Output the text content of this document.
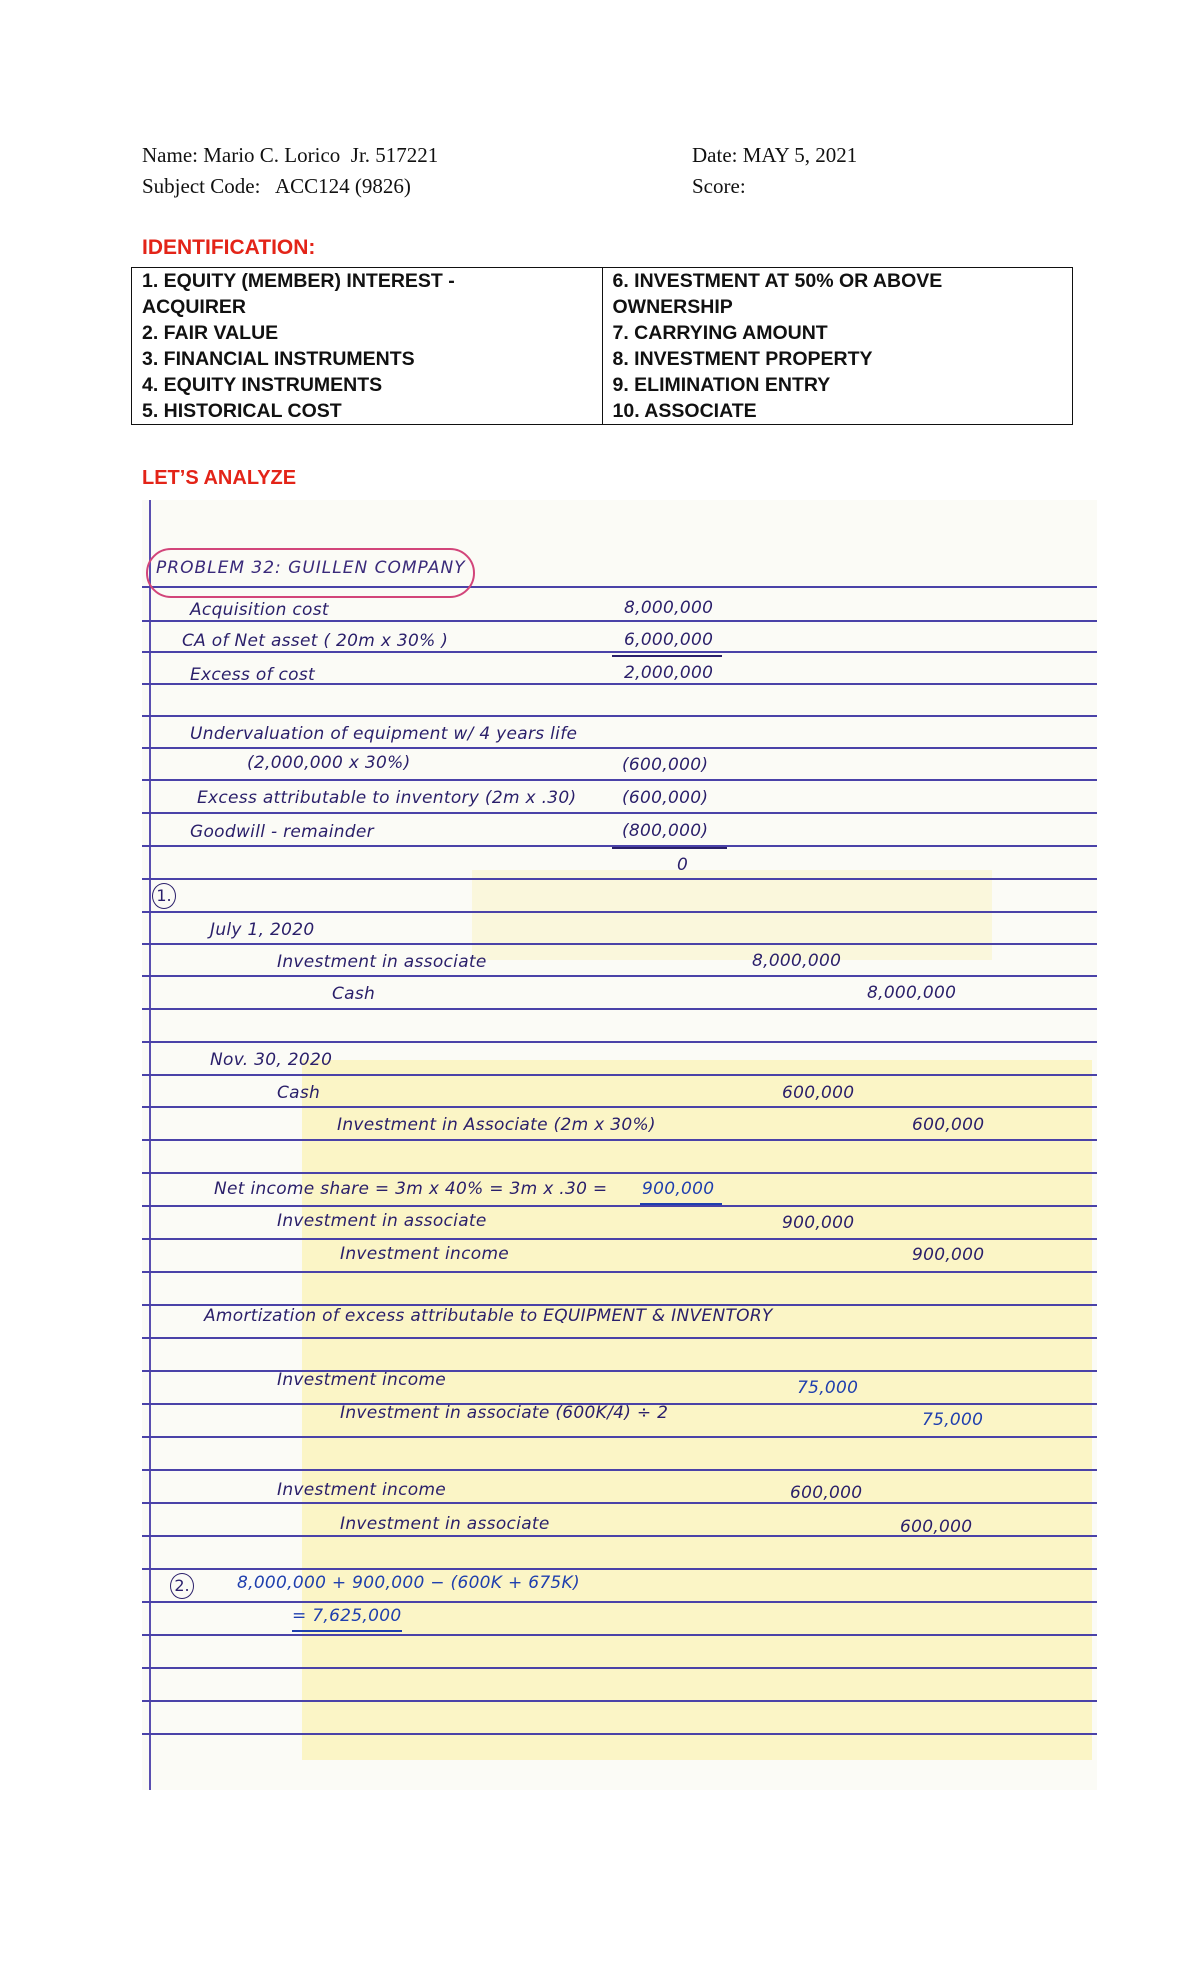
Name: Mario C. Lorico  Jr. 517221
Subject Code:   ACC124 (9826)
Date: MAY 5, 2021
Score:
IDENTIFICATION:
1. EQUITY (MEMBER) INTEREST -
ACQUIRER
2. FAIR VALUE
3. FINANCIAL INSTRUMENTS
4. EQUITY INSTRUMENTS
5. HISTORICAL COST

6. INVESTMENT AT 50% OR ABOVE
OWNERSHIP
7. CARRYING AMOUNT
8. INVESTMENT PROPERTY
9. ELIMINATION ENTRY
10. ASSOCIATE
LET’S ANALYZE
PROBLEM 32: GUILLEN COMPANY
Acquisition cost	8,000,000
CA of Net asset ( 20m x 30% )	6,000,000
Excess of cost	2,000,000
Undervaluation of equipment w/ 4 years life
(2,000,000 x 30%)	(600,000)
Excess attributable to inventory (2m x .30)	(600,000)
Goodwill - remainder	(800,000)
0
1.
July 1, 2020
Investment in associate	8,000,000
Cash	8,000,000
Nov. 30, 2020
Cash	600,000
Investment in Associate (2m x 30%)	600,000
Net income share = 3m x 40% = 3m x .30 = 900,000
Investment in associate	900,000
Investment income	900,000
Amortization of excess attributable to EQUIPMENT & INVENTORY
Investment income	75,000
Investment in associate (600K/4) ÷ 2	75,000
Investment income	600,000
Investment in associate	600,000
2.	8,000,000 + 900,000 − (600K + 675K)
= 7,625,000
